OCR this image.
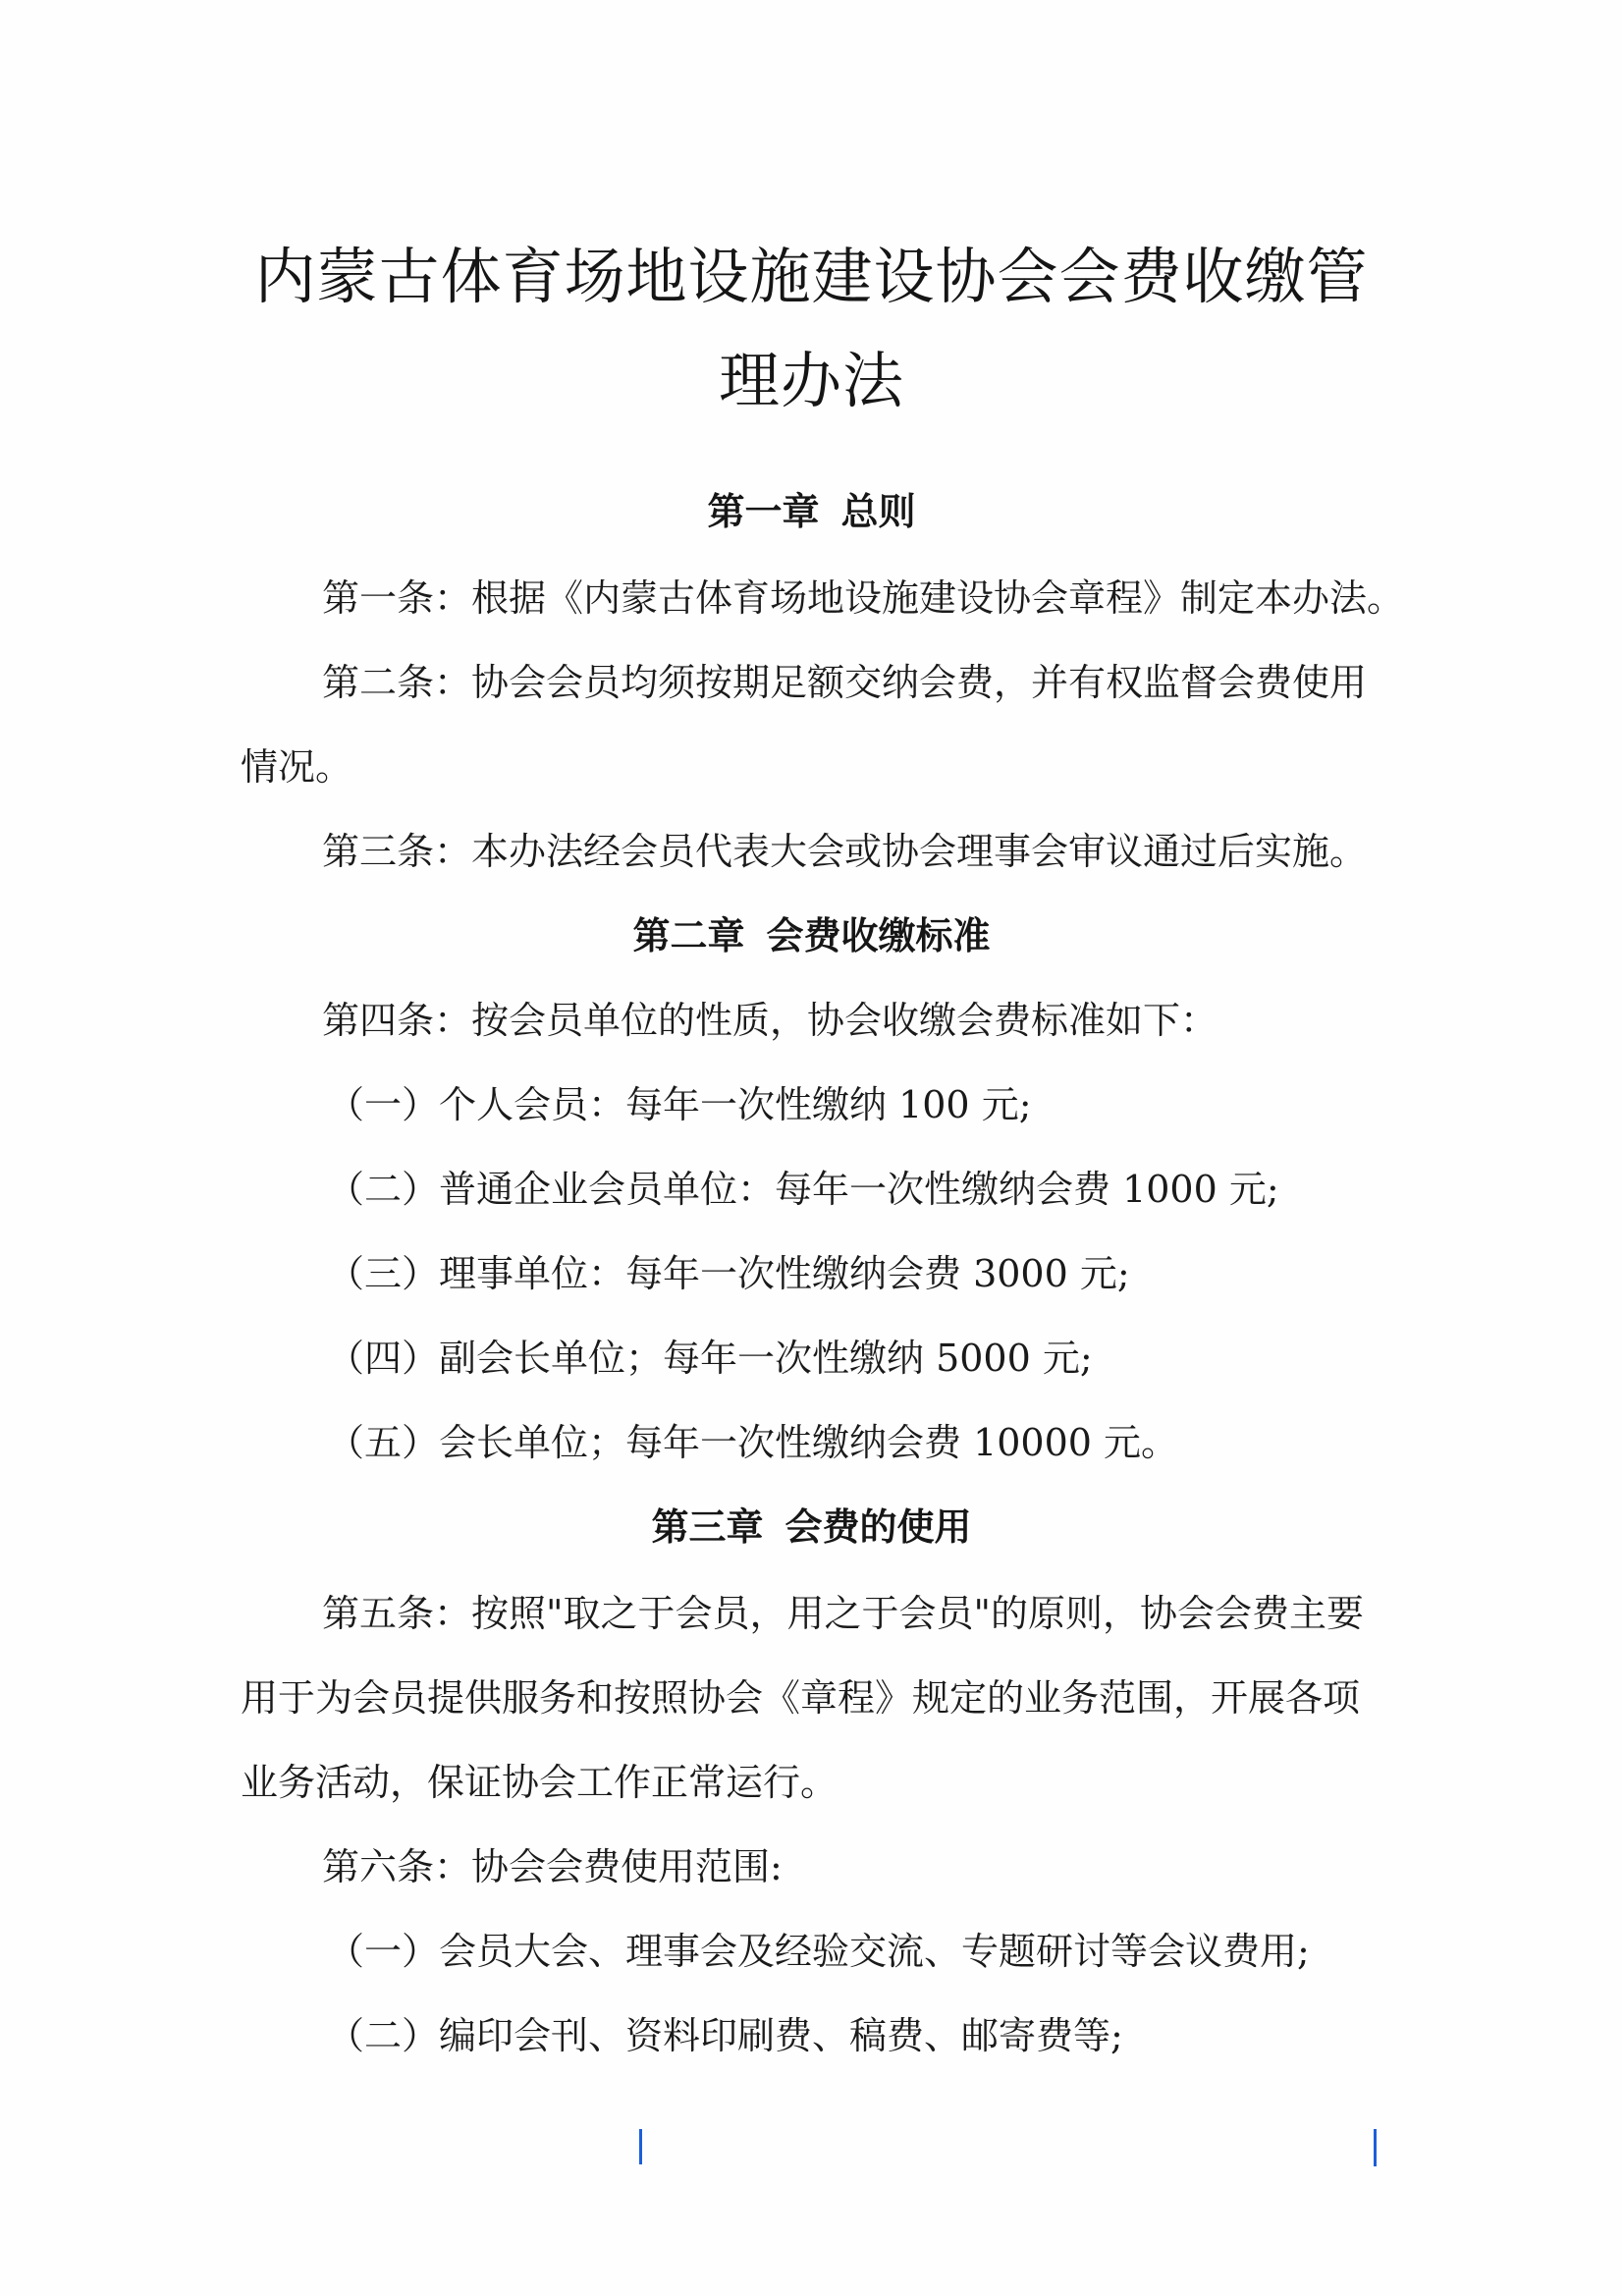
内蒙古体育场地设施建设协会会费收缴管
理办法
第一章 总则
第一条：根据《内蒙古体育场地设施建设协会章程》制定本办法。
第二条：协会会员均须按期足额交纳会费，并有权监督会费使用
情况。
第三条：本办法经会员代表大会或协会理事会审议通过后实施。
第二章 会费收缴标准
第四条：按会员单位的性质，协会收缴会费标准如下：
（一）个人会员：每年一次性缴纳 100 元;
（二）普通企业会员单位：每年一次性缴纳会费 1000 元;
（三）理事单位：每年一次性缴纳会费 3000 元;
（四）副会长单位；每年一次性缴纳 5000 元;
（五）会长单位；每年一次性缴纳会费 10000 元。
第三章 会费的使用
第五条：按照"取之于会员，用之于会员"的原则，协会会费主要
用于为会员提供服务和按照协会《章程》规定的业务范围，开展各项
业务活动，保证协会工作正常运行。
第六条：协会会费使用范围:
（一）会员大会、理事会及经验交流、专题研讨等会议费用;
（二）编印会刊、资料印刷费、稿费、邮寄费等;
